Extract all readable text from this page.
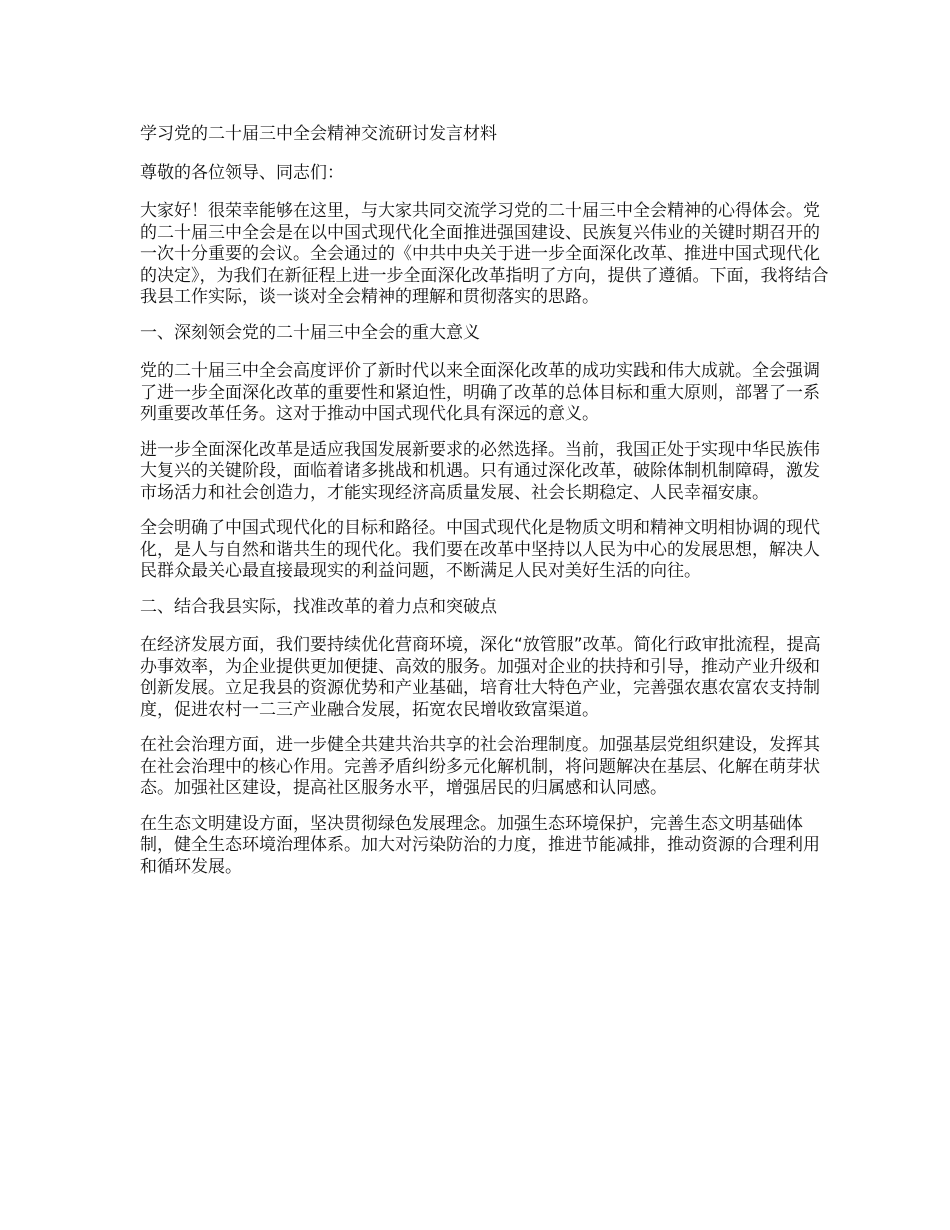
学习党的二十届三中全会精神交流研讨发言材料

尊敬的各位领导、同志们：

大家好！很荣幸能够在这里，与大家共同交流学习党的二十届三中全会精神的心得体会。党的二十届三中全会是在以中国式现代化全面推进强国建设、民族复兴伟业的关键时期召开的一次十分重要的会议。全会通过的《中共中央关于进一步全面深化改革、推进中国式现代化的决定》，为我们在新征程上进一步全面深化改革指明了方向，提供了遵循。下面，我将结合我县工作实际，谈一谈对全会精神的理解和贯彻落实的思路。

一、深刻领会党的二十届三中全会的重大意义

党的二十届三中全会高度评价了新时代以来全面深化改革的成功实践和伟大成就。全会强调了进一步全面深化改革的重要性和紧迫性，明确了改革的总体目标和重大原则，部署了一系列重要改革任务。这对于推动中国式现代化具有深远的意义。

进一步全面深化改革是适应我国发展新要求的必然选择。当前，我国正处于实现中华民族伟大复兴的关键阶段，面临着诸多挑战和机遇。只有通过深化改革，破除体制机制障碍，激发市场活力和社会创造力，才能实现经济高质量发展、社会长期稳定、人民幸福安康。

全会明确了中国式现代化的目标和路径。中国式现代化是物质文明和精神文明相协调的现代化，是人与自然和谐共生的现代化。我们要在改革中坚持以人民为中心的发展思想，解决人民群众最关心最直接最现实的利益问题，不断满足人民对美好生活的向往。

二、结合我县实际，找准改革的着力点和突破点

在经济发展方面，我们要持续优化营商环境，深化“放管服”改革。简化行政审批流程，提高办事效率，为企业提供更加便捷、高效的服务。加强对企业的扶持和引导，推动产业升级和创新发展。立足我县的资源优势和产业基础，培育壮大特色产业，完善强农惠农富农支持制度，促进农村一二三产业融合发展，拓宽农民增收致富渠道。

在社会治理方面，进一步健全共建共治共享的社会治理制度。加强基层党组织建设，发挥其在社会治理中的核心作用。完善矛盾纠纷多元化解机制，将问题解决在基层、化解在萌芽状态。加强社区建设，提高社区服务水平，增强居民的归属感和认同感。

在生态文明建设方面，坚决贯彻绿色发展理念。加强生态环境保护，完善生态文明基础体制，健全生态环境治理体系。加大对污染防治的力度，推进节能减排，推动资源的合理利用和循环发展。
